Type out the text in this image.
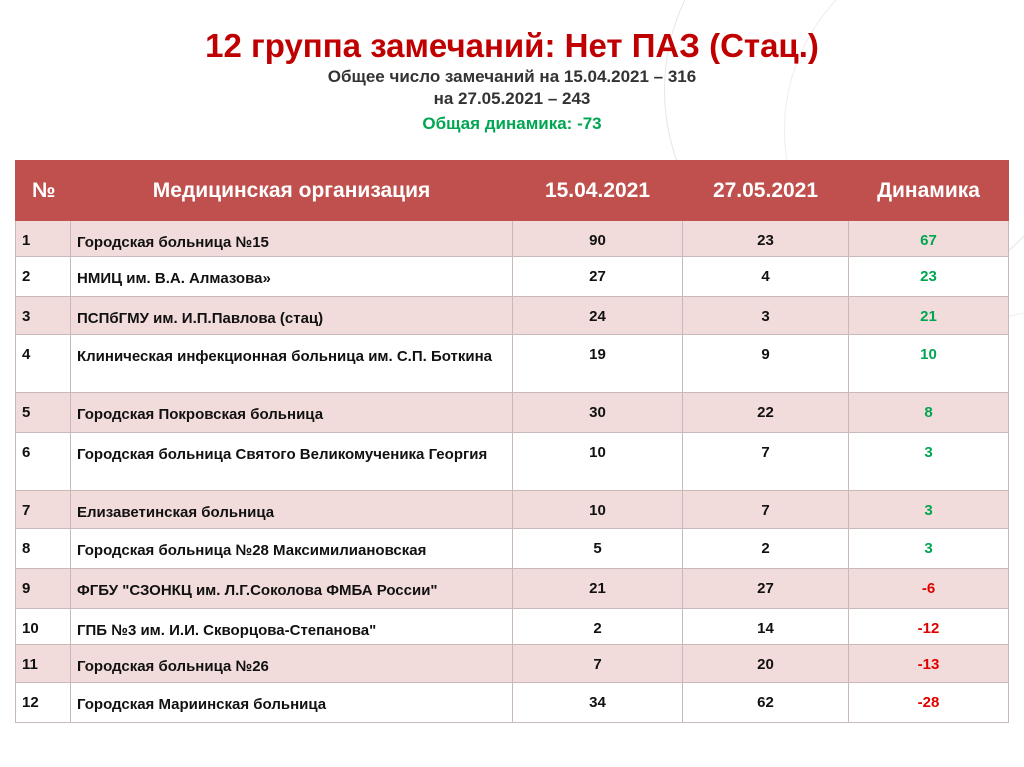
12 группа замечаний: Нет ПАЗ (Стац.)

Общее число замечаний на 15.04.2021 – 316

на 27.05.2021 – 243

Общая динамика: -73

№	Медицинская организация	15.04.2021	27.05.2021	Динамика
1	Городская больница №15	90	23	67
2	НМИЦ им. В.А. Алмазова»	27	4	23
3	ПСПбГМУ им. И.П.Павлова (стац)	24	3	21
4	Клиническая инфекционная больница им. С.П. Боткина	19	9	10
5	Городская Покровская больница	30	22	8
6	Городская больница Святого Великомученика Георгия	10	7	3
7	Елизаветинская больница	10	7	3
8	Городская больница №28 Максимилиановская	5	2	3
9	ФГБУ "СЗОНКЦ им. Л.Г.Соколова ФМБА России"	21	27	-6
10	ГПБ №3 им. И.И. Скворцова-Степанова"	2	14	-12
11	Городская больница №26	7	20	-13
12	Городская Мариинская больница	34	62	-28
